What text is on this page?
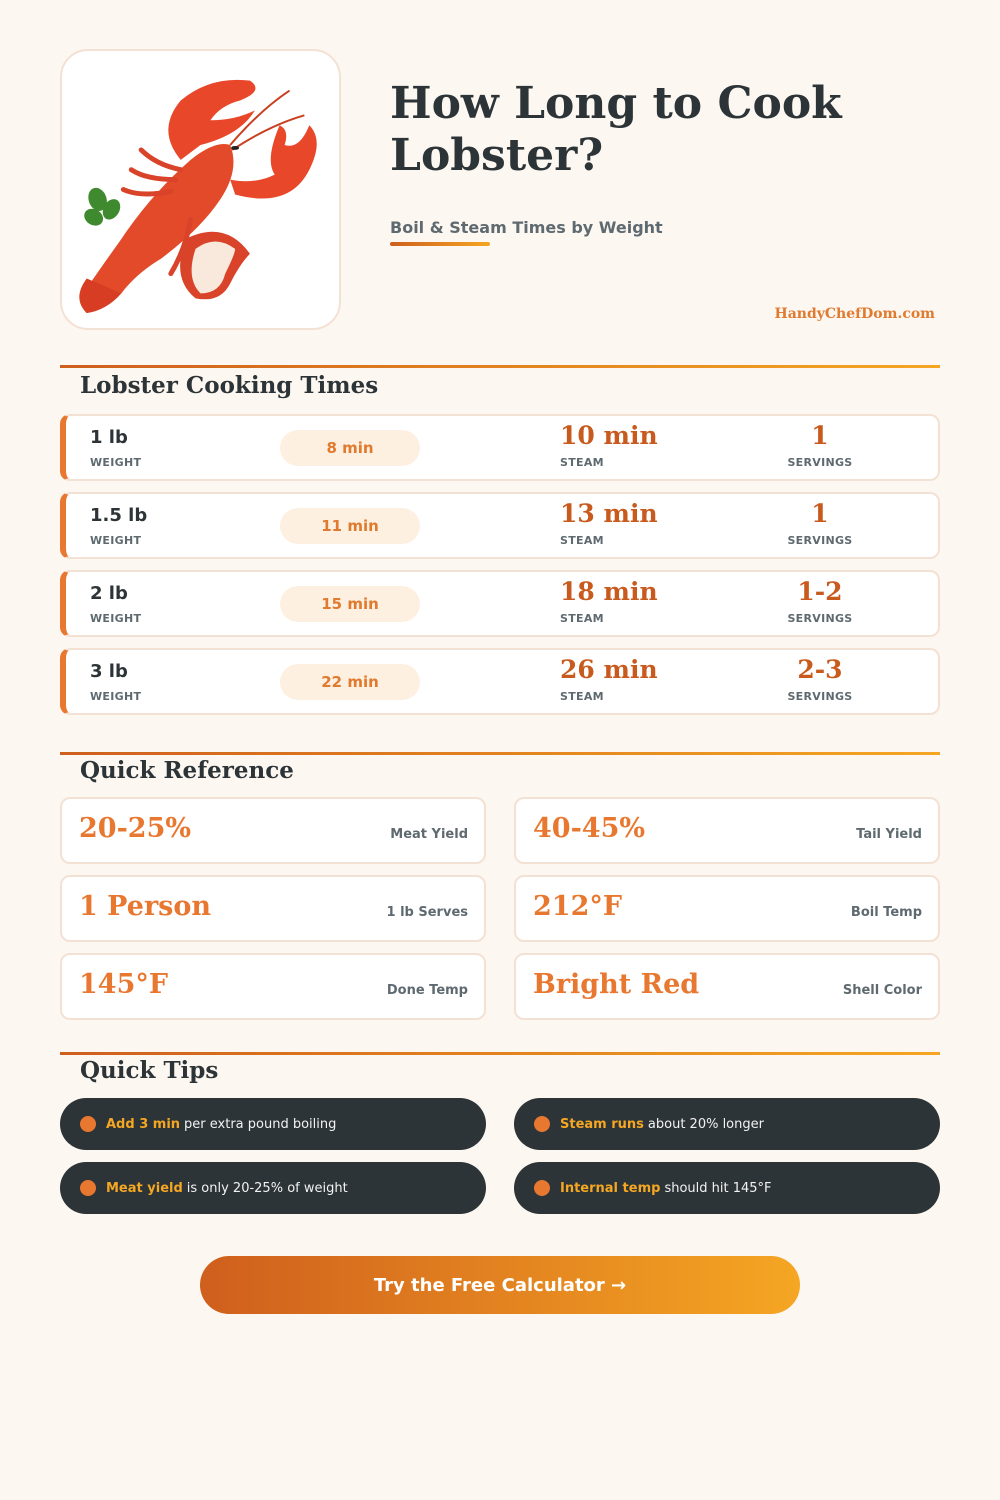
How Long to Cook Lobster?
Boil & Steam Times by Weight
HandyChefDom.com
Lobster Cooking Times
1 lb
WEIGHT
8 min	10 min
STEAM
1
SERVINGS
1.5 lb
WEIGHT
11 min	13 min
STEAM
1
SERVINGS
2 lb
WEIGHT
15 min	18 min
STEAM
1-2
SERVINGS
3 lb
WEIGHT
22 min	26 min
STEAM
2-3
SERVINGS
Quick Reference
20-25%	Meat Yield 40-45%	Tail Yield
1 Person	1 lb Serves 212°F	Boil Temp
145°F	Done Temp Bright Red	Shell Color
Quick Tips
Add 3 min per extra pound boiling	Steam runs about 20% longer
Meat yield is only 20-25% of weight	Internal temp should hit 145°F
Try the Free Calculator →
